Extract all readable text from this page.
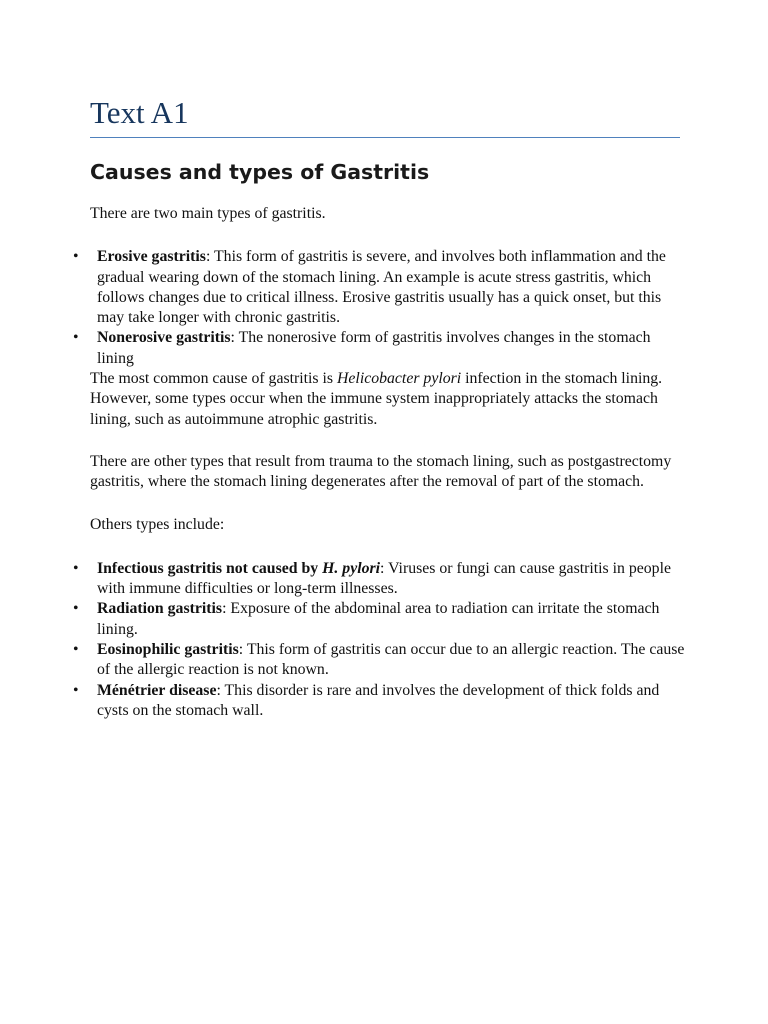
Text A1
Causes and types of Gastritis

There are two main types of gastritis.

• Erosive gastritis: This form of gastritis is severe, and involves both inflammation and the gradual wearing down of the stomach lining. An example is acute stress gastritis, which follows changes due to critical illness. Erosive gastritis usually has a quick onset, but this may take longer with chronic gastritis.
• Nonerosive gastritis: The nonerosive form of gastritis involves changes in the stomach lining

The most common cause of gastritis is Helicobacter pylori infection in the stomach lining. However, some types occur when the immune system inappropriately attacks the stomach lining, such as autoimmune atrophic gastritis.

There are other types that result from trauma to the stomach lining, such as postgastrectomy gastritis, where the stomach lining degenerates after the removal of part of the stomach.

Others types include:

• Infectious gastritis not caused by H. pylori: Viruses or fungi can cause gastritis in people with immune difficulties or long-term illnesses.
• Radiation gastritis: Exposure of the abdominal area to radiation can irritate the stomach lining.
• Eosinophilic gastritis: This form of gastritis can occur due to an allergic reaction. The cause of the allergic reaction is not known.
• Ménétrier disease: This disorder is rare and involves the development of thick folds and cysts on the stomach wall.
